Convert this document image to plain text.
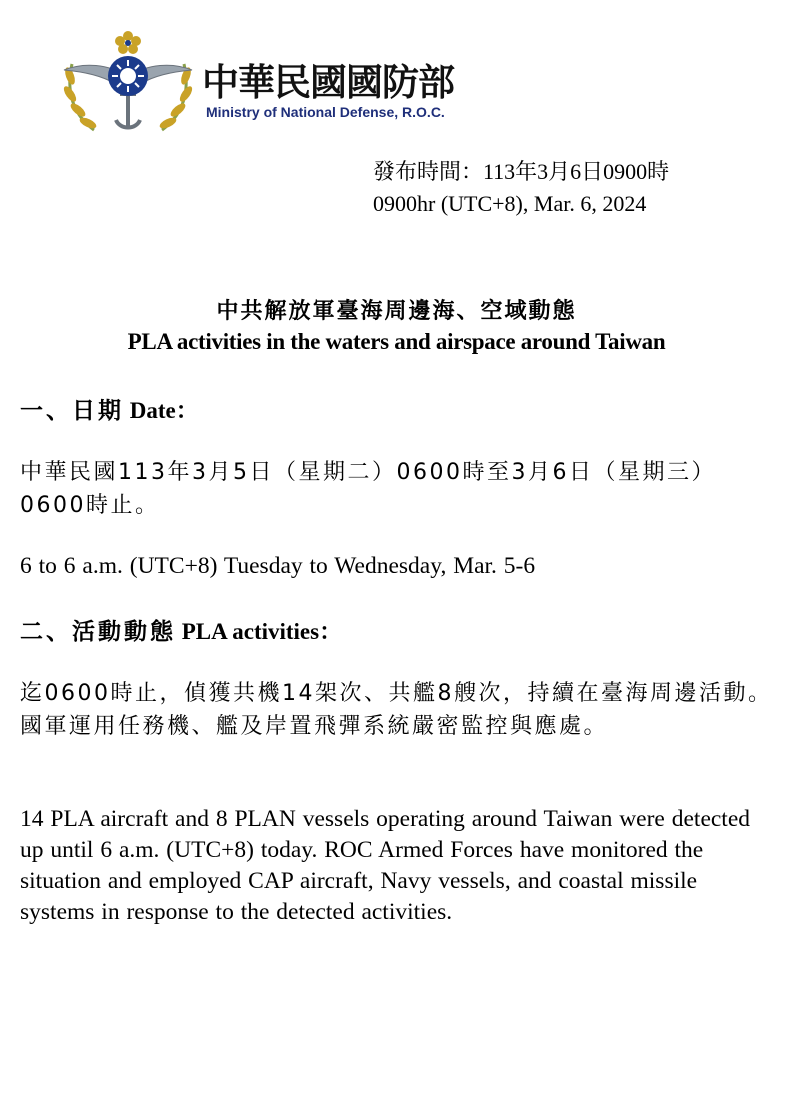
中華民國國防部
Ministry of National Defense, R.O.C.
發布時間：113年3月6日0900時
0900hr (UTC+8), Mar. 6, 2024
中共解放軍臺海周邊海、空域動態
PLA activities in the waters and airspace around Taiwan
一、日期 Date：
中華民國113年3月5日（星期二）0600時至3月6日（星期三）0600時止。
6 to 6 a.m. (UTC+8) Tuesday to Wednesday, Mar. 5-6
二、活動動態 PLA activities：
迄0600時止，偵獲共機14架次、共艦8艘次，持續在臺海周邊活動。國軍運用任務機、艦及岸置飛彈系統嚴密監控與應處。
14 PLA aircraft and 8 PLAN vessels operating around Taiwan were detected up until 6 a.m. (UTC+8) today. ROC Armed Forces have monitored the situation and employed CAP aircraft, Navy vessels, and coastal missile systems in response to the detected activities.
